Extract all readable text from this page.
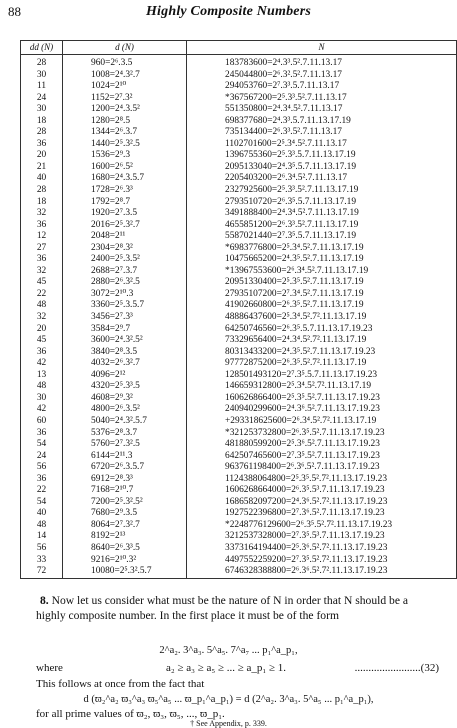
88	Highly Composite Numbers
dd (N)	d (N)	N
28	960=2⁶.3.5	183783600=2⁴.3³.5².7.11.13.17
30	1008=2⁴.3².7	245044800=2⁶.3².5².7.11.13.17
11	1024=2¹⁰	294053760=2⁷.3³.5.7.11.13.17
24	1152=2⁷.3²	*367567200=2⁵.3³.5².7.11.13.17
30	1200=2⁴.3.5²	551350800=2⁴.3⁴.5².7.11.13.17
18	1280=2⁸.5	698377680=2⁴.3³.5.7.11.13.17.19
28	1344=2⁶.3.7	735134400=2⁶.3³.5².7.11.13.17
36	1440=2⁵.3².5	1102701600=2⁵.3⁴.5².7.11.13.17
20	1536=2⁹.3	1396755360=2⁵.3³.5.7.11.13.17.19
21	1600=2⁶.5²	2095133040=2⁴.3⁵.5.7.11.13.17.19
40	1680=2⁴.3.5.7	2205403200=2⁶.3⁴.5².7.11.13.17
28	1728=2⁶.3³	2327925600=2⁵.3³.5².7.11.13.17.19
18	1792=2⁸.7	2793510720=2⁶.3⁵.5.7.11.13.17.19
32	1920=2⁷.3.5	3491888400=2⁴.3⁴.5².7.11.13.17.19
36	2016=2⁵.3².7	4655851200=2⁶.3³.5².7.11.13.17.19
12	2048=2¹¹	5587021440=2⁷.3⁵.5.7.11.13.17.19
27	2304=2⁸.3²	*6983776800=2⁵.3⁴.5².7.11.13.17.19
36	2400=2⁵.3.5²	10475665200=2⁴.3⁵.5².7.11.13.17.19
32	2688=2⁷.3.7	*13967553600=2⁶.3⁴.5².7.11.13.17.19
45	2880=2⁶.3².5	20951330400=2⁵.3⁵.5².7.11.13.17.19
22	3072=2¹⁰.3	27935107200=2⁷.3⁴.5².7.11.13.17.19
48	3360=2⁵.3.5.7	41902660800=2⁶.3⁵.5².7.11.13.17.19
32	3456=2⁷.3³	48886437600=2⁵.3⁴.5².7².11.13.17.19
20	3584=2⁹.7	64250746560=2⁶.3⁵.5.7.11.13.17.19.23
45	3600=2⁴.3².5²	73329656400=2⁴.3⁴.5².7².11.13.17.19
36	3840=2⁸.3.5	80313433200=2⁴.3⁵.5².7.11.13.17.19.23
42	4032=2⁶.3².7	97772875200=2⁶.3⁵.5².7².11.13.17.19
13	4096=2¹²	128501493120=2⁷.3⁵.5.7.11.13.17.19.23
48	4320=2⁵.3³.5	146659312800=2⁵.3⁴.5².7².11.13.17.19
30	4608=2⁹.3²	160626866400=2⁵.3⁵.5².7.11.13.17.19.23
42	4800=2⁶.3.5²	240940299600=2⁴.3⁶.5².7.11.13.17.19.23
60	5040=2⁴.3².5.7	+293318625600=2⁶.3⁴.5².7².11.13.17.19
36	5376=2⁸.3.7	*321253732800=2⁶.3⁵.5².7.11.13.17.19.23
54	5760=2⁷.3².5	481880599200=2⁵.3⁶.5².7.11.13.17.19.23
24	6144=2¹¹.3	642507465600=2⁷.3⁵.5².7.11.13.17.19.23
56	6720=2⁶.3.5.7	963761198400=2⁶.3⁶.5².7.11.13.17.19.23
36	6912=2⁸.3³	1124388064800=2⁵.3⁵.5².7².11.13.17.19.23
22	7168=2¹⁰.7	1606268664000=2⁶.3⁵.5³.7.11.13.17.19.23
54	7200=2⁵.3².5²	1686582097200=2⁴.3⁶.5².7².11.13.17.19.23
40	7680=2⁹.3.5	1927522396800=2⁷.3⁶.5².7.11.13.17.19.23
48	8064=2⁷.3².7	*2248776129600=2⁶.3⁵.5².7².11.13.17.19.23
14	8192=2¹³	3212537328000=2⁷.3⁵.5³.7.11.13.17.19.23
56	8640=2⁶.3³.5	3373164194400=2⁵.3⁶.5².7².11.13.17.19.23
33	9216=2¹⁰.3²	4497552259200=2⁷.3⁵.5².7².11.13.17.19.23
72	10080=2⁵.3².5.7	6746328388800=2⁶.3⁶.5².7².11.13.17.19.23
8. Now let us consider what must be the nature of N in order that N should be a highly composite number. In the first place it must be of the form
2^a₂. 3^a₃. 5^a₅. 7^a₇ ... p₁^a_p₁,
where	a₂ ≥ a₃ ≥ a₅ ≥ ... ≥ a_p₁ ≥ 1.	........................(32)
This follows at once from the fact that
d (ϖ₂^a₂ ϖ₃^a₃ ϖ₅^a₅ ... ϖ_p₁^a_p₁) = d (2^a₂. 3^a₃. 5^a₅ ... p₁^a_p₁),
for all prime values of ϖ₂, ϖ₃, ϖ₅, ..., ϖ_p₁.
† See Appendix, p. 339.
